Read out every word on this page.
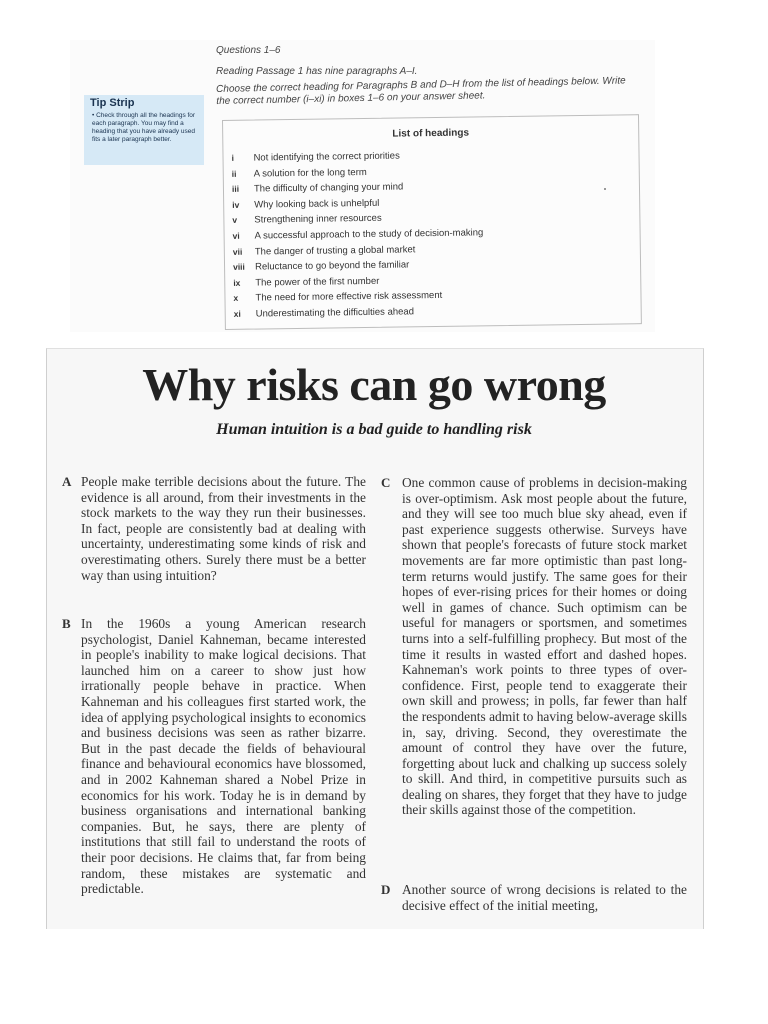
Questions 1–6
Reading Passage 1 has nine paragraphs A–I.
Choose the correct heading for Paragraphs B and D–H from the list of headings below. Write the correct number (i–xi) in boxes 1–6 on your answer sheet.
Tip Strip
• Check through all the headings for each paragraph. You may find a heading that you have already used fits a later paragraph better.	List of headings
i	Not identifying the correct priorities
ii	A solution for the long term
iii	The difficulty of changing your mind
iv	Why looking back is unhelpful
v	Strengthening inner resources
vi	A successful approach to the study of decision-making
vii	The danger of trusting a global market
viii	Reluctance to go beyond the familiar
ix	The power of the first number
x	The need for more effective risk assessment
xi	Underestimating the difficulties ahead
Why risks can go wrong
Human intuition is a bad guide to handling risk
A People make terrible decisions about the future. The evidence is all around, from their investments in the stock markets to the way they run their businesses. In fact, people are consistently bad at dealing with uncertainty, underestimating some kinds of risk and overestimating others. Surely there must be a better way than using intuition?
B In the 1960s a young American research psychologist, Daniel Kahneman, became interested in people's inability to make logical decisions. That launched him on a career to show just how irrationally people behave in practice. When Kahneman and his colleagues first started work, the idea of applying psychological insights to economics and business decisions was seen as rather bizarre. But in the past decade the fields of behavioural finance and behavioural economics have blossomed, and in 2002 Kahneman shared a Nobel Prize in economics for his work. Today he is in demand by business organisations and international banking companies. But, he says, there are plenty of institutions that still fail to understand the roots of their poor decisions. He claims that, far from being random, these mistakes are systematic and predictable.
C One common cause of problems in decision-making is over-optimism. Ask most people about the future, and they will see too much blue sky ahead, even if past experience suggests otherwise. Surveys have shown that people's forecasts of future stock market movements are far more optimistic than past long-term returns would justify. The same goes for their hopes of ever-rising prices for their homes or doing well in games of chance. Such optimism can be useful for managers or sportsmen, and sometimes turns into a self-fulfilling prophecy. But most of the time it results in wasted effort and dashed hopes. Kahneman's work points to three types of over-confidence. First, people tend to exaggerate their own skill and prowess; in polls, far fewer than half the respondents admit to having below-average skills in, say, driving. Second, they overestimate the amount of control they have over the future, forgetting about luck and chalking up success solely to skill. And third, in competitive pursuits such as dealing on shares, they forget that they have to judge their skills against those of the competition.
D Another source of wrong decisions is related to the decisive effect of the initial meeting,
